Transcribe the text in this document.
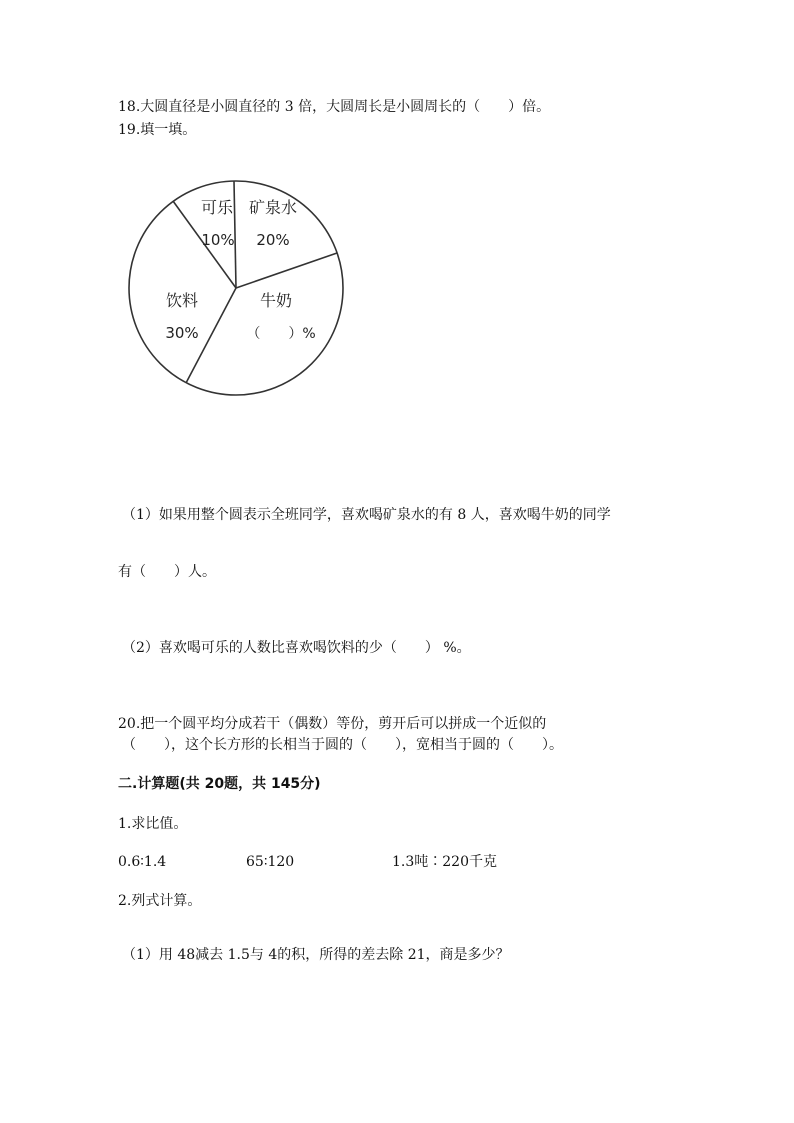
18.大圆直径是小圆直径的 3 倍，大圆周长是小圆周长的（　　）倍。
19.填一填。
可乐
10%
矿泉水
20%
牛奶
（　　）%
饮料
30%
（1）如果用整个圆表示全班同学，喜欢喝矿泉水的有 8 人，喜欢喝牛奶的同学
有（　　）人。
（2）喜欢喝可乐的人数比喜欢喝饮料的少（　　） %。
20.把一个圆平均分成若干（偶数）等份，剪开后可以拼成一个近似的
（　　），这个长方形的长相当于圆的（　　），宽相当于圆的（　　）。
二.计算题(共 20题，共 145分)
1.求比值。
0.6∶1.4	65∶120	1.3吨∶220千克
2.列式计算。
（1）用 48减去 1.5与 4的积，所得的差去除 21，商是多少？
